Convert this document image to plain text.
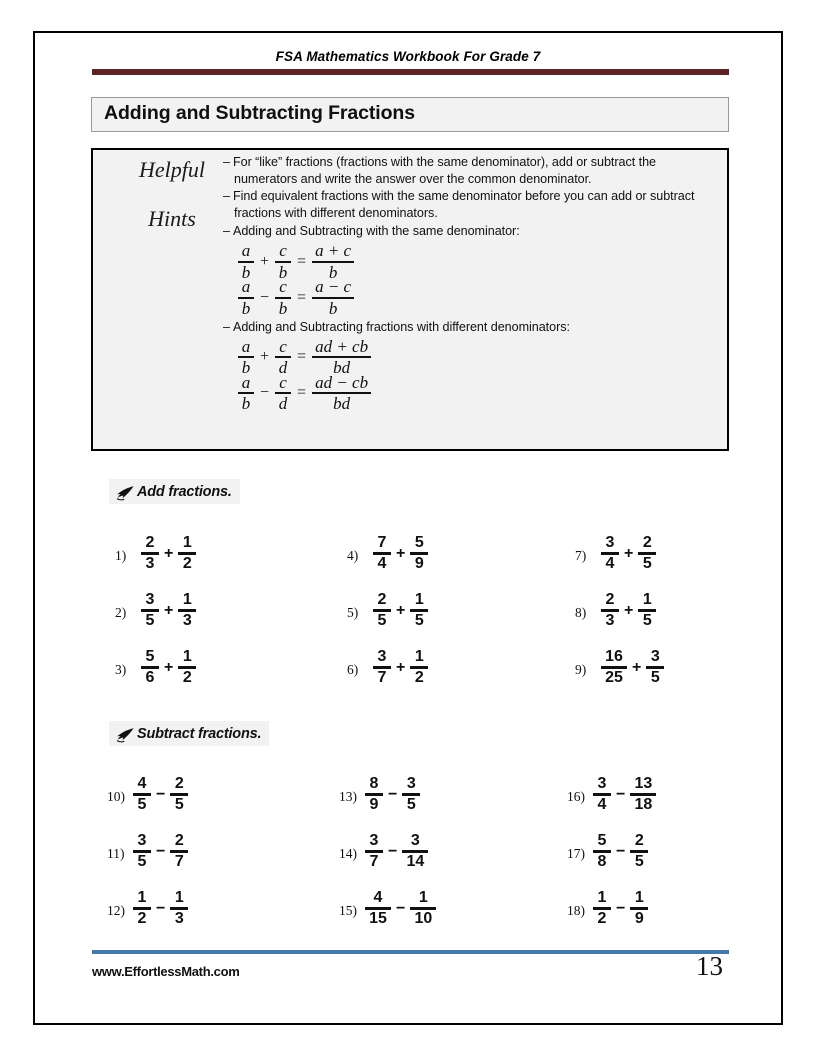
FSA Mathematics Workbook For Grade 7
Adding and Subtracting Fractions
Helpful
Hints
– For “like” fractions (fractions with the same denominator), add or subtract the numerators and write the answer over the common denominator.
– Find equivalent fractions with the same denominator before you can add or subtract fractions with different denominators.
– Adding and Subtracting with the same denominator:
$\frac{a}{b} + \frac{c}{b} = \frac{a + c}{b}$
$\frac{a}{b} - \frac{c}{b} = \frac{a - c}{b}$
– Adding and Subtracting fractions with different denominators:
$\frac{a}{b} + \frac{c}{d} = \frac{ad + cb}{bd}$
$\frac{a}{b} - \frac{c}{d} = \frac{ad - cb}{bd}$
Add fractions.
$1) \frac{2}{3} + \frac{1}{2}$	$4) \frac{7}{4} + \frac{5}{9}$	$7) \frac{3}{4} + \frac{2}{5}$
$2) \frac{3}{5} + \frac{1}{3}$	$5) \frac{2}{5} + \frac{1}{5}$	$8) \frac{2}{3} + \frac{1}{5}$
$3) \frac{5}{6} + \frac{1}{2}$	$6) \frac{3}{7} + \frac{1}{2}$	$9) \frac{16}{25} + \frac{3}{5}$
Subtract fractions.
$10) \frac{4}{5} - \frac{2}{5}$	$13) \frac{8}{9} - \frac{3}{5}$	$16) \frac{3}{4} - \frac{13}{18}$
$11) \frac{3}{5} - \frac{2}{7}$	$14) \frac{3}{7} - \frac{3}{14}$	$17) \frac{5}{8} - \frac{2}{5}$
$12) \frac{1}{2} - \frac{1}{3}$	$15) \frac{4}{15} - \frac{1}{10}$	$18) \frac{1}{2} - \frac{1}{9}$
www.EffortlessMath.com	13
